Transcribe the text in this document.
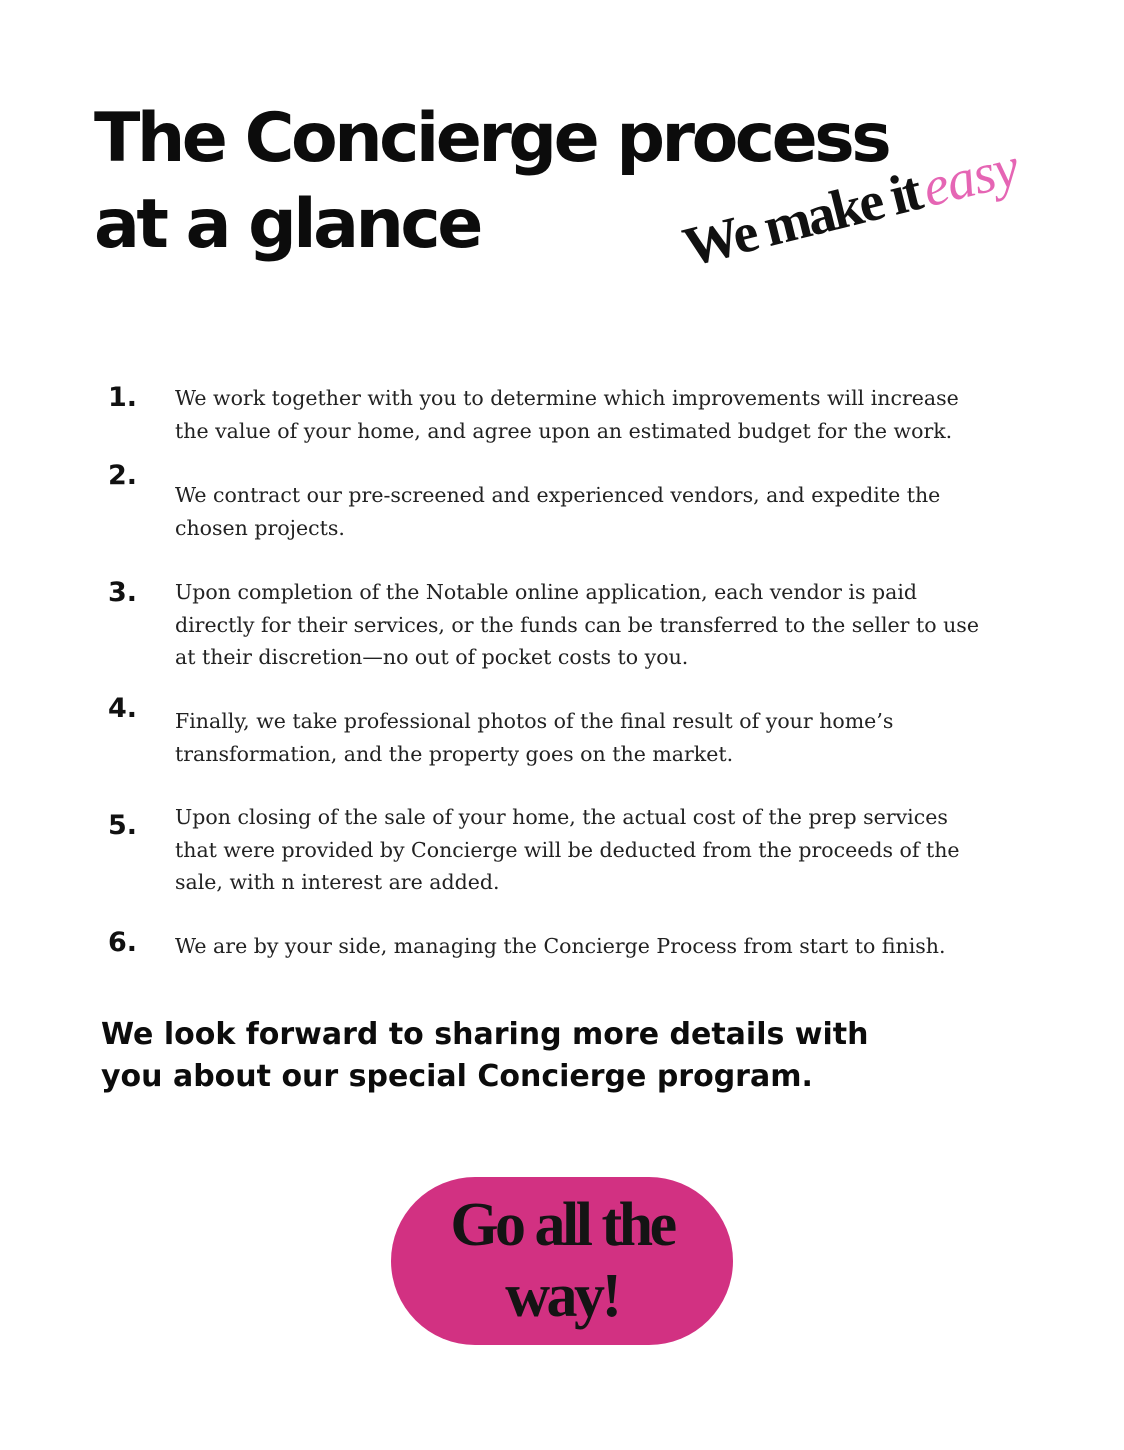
The Concierge process at a glance	We make iteasy
1. We work together with you to determine which improvements will increase the value of your home, and agree upon an estimated budget for the work.

2.

We contract our pre-screened and experienced vendors, and expedite the chosen projects.

3. Upon completion of the Notable online application, each vendor is paid directly for their services, or the funds can be transferred to the seller to use at their discretion—no out of pocket costs to you.

4. Finally, we take professional photos of the final result of your home’s transformation, and the property goes on the market.

5. Upon closing of the sale of your home, the actual cost of the prep services that were provided by Concierge will be deducted from the proceeds of the sale, with n interest are added.

6. We are by your side, managing the Concierge Process from start to finish.

We look forward to sharing more details with you about our special Concierge program.

Go all the way!
